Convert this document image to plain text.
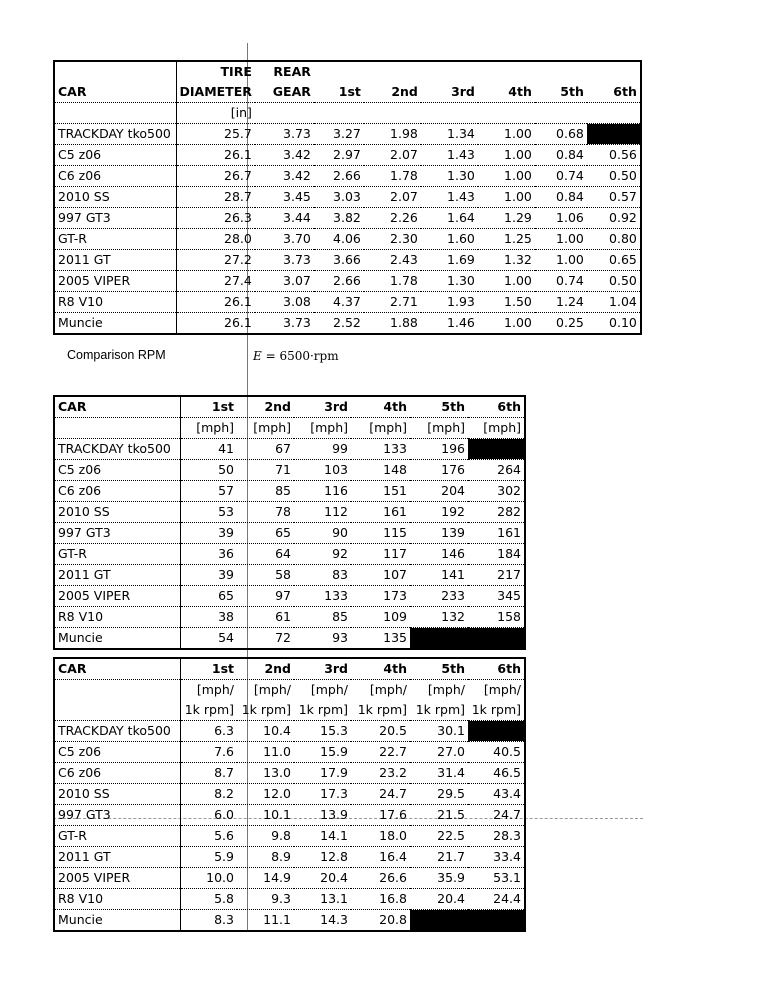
	TIRE	REAR						
CAR	DIAMETER	GEAR	1st	2nd	3rd	4th	5th	6th
	[in]							
TRACKDAY tko500	25.7	3.73	3.27	1.98	1.34	1.00	0.68	
C5 z06	26.1	3.42	2.97	2.07	1.43	1.00	0.84	0.56
C6 z06	26.7	3.42	2.66	1.78	1.30	1.00	0.74	0.50
2010 SS	28.7	3.45	3.03	2.07	1.43	1.00	0.84	0.57
997 GT3	26.3	3.44	3.82	2.26	1.64	1.29	1.06	0.92
GT-R	28.0	3.70	4.06	2.30	1.60	1.25	1.00	0.80
2011 GT	27.2	3.73	3.66	2.43	1.69	1.32	1.00	0.65
2005 VIPER	27.4	3.07	2.66	1.78	1.30	1.00	0.74	0.50
R8 V10	26.1	3.08	4.37	2.71	1.93	1.50	1.24	1.04
Muncie	26.1	3.73	2.52	1.88	1.46	1.00	0.25	0.10
Comparison RPM	E = 6500·rpm
CAR	1st	2nd	3rd	4th	5th	6th
	[mph]	[mph]	[mph]	[mph]	[mph]	[mph]
TRACKDAY tko500	41	67	99	133	196	
C5 z06	50	71	103	148	176	264
C6 z06	57	85	116	151	204	302
2010 SS	53	78	112	161	192	282
997 GT3	39	65	90	115	139	161
GT-R	36	64	92	117	146	184
2011 GT	39	58	83	107	141	217
2005 VIPER	65	97	133	173	233	345
R8 V10	38	61	85	109	132	158
Muncie	54	72	93	135		
CAR	1st	2nd	3rd	4th	5th	6th
	[mph/	[mph/	[mph/	[mph/	[mph/	[mph/
	1k rpm]	1k rpm]	1k rpm]	1k rpm]	1k rpm]	1k rpm]
TRACKDAY tko500	6.3	10.4	15.3	20.5	30.1	
C5 z06	7.6	11.0	15.9	22.7	27.0	40.5
C6 z06	8.7	13.0	17.9	23.2	31.4	46.5
2010 SS	8.2	12.0	17.3	24.7	29.5	43.4
997 GT3	6.0	10.1	13.9	17.6	21.5	24.7
GT-R	5.6	9.8	14.1	18.0	22.5	28.3
2011 GT	5.9	8.9	12.8	16.4	21.7	33.4
2005 VIPER	10.0	14.9	20.4	26.6	35.9	53.1
R8 V10	5.8	9.3	13.1	16.8	20.4	24.4
Muncie	8.3	11.1	14.3	20.8		
